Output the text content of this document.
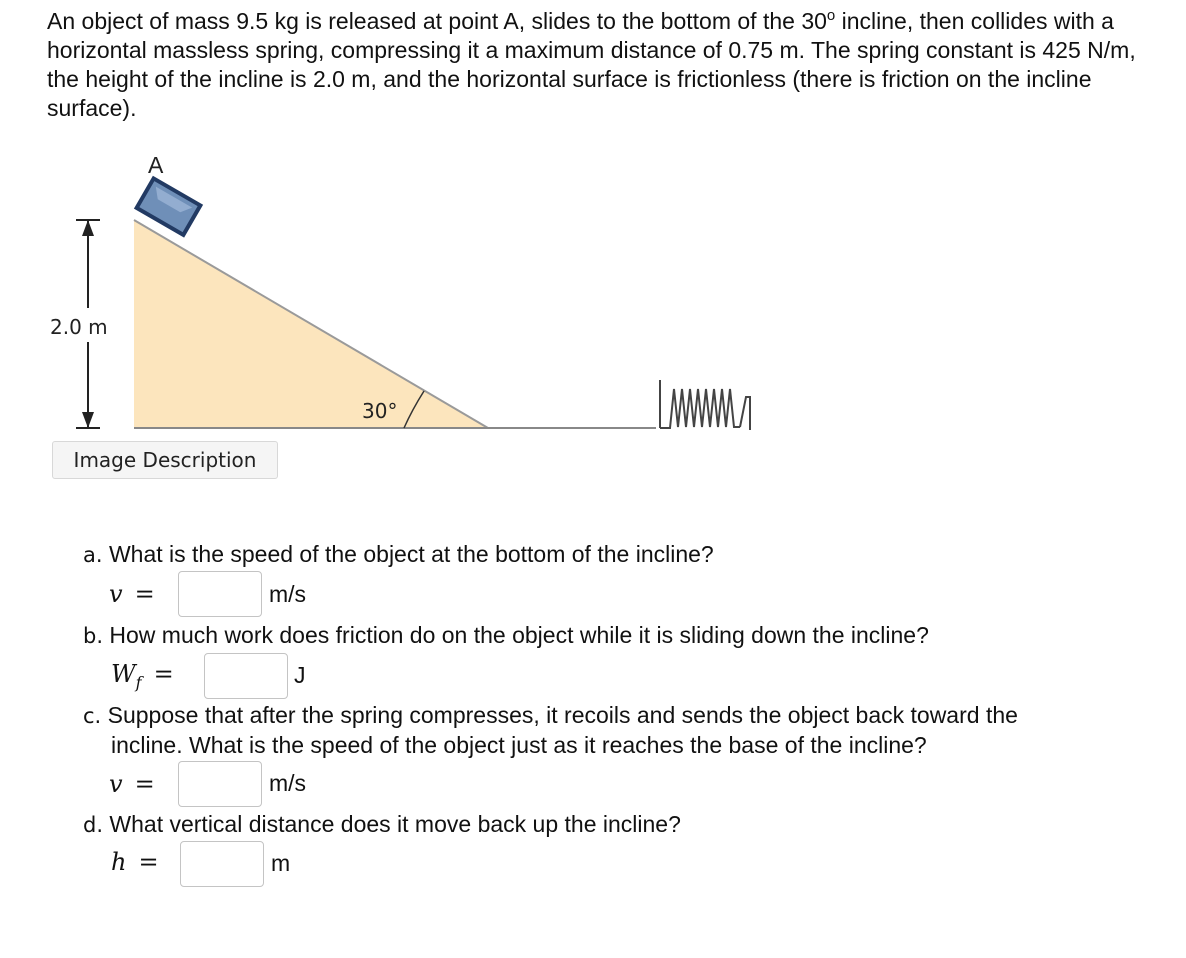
An object of mass 9.5 kg is released at point A, slides to the bottom of the 30$^o$ incline, then collides with a horizontal massless spring, compressing it a maximum distance of 0.75 m. The spring constant is 425 N/m, the height of the incline is 2.0 m, and the horizontal surface is frictionless (there is friction on the incline surface).

A
2.0 m
30°
Image Description
a. What is the speed of the object at the bottom of the incline?
v =	m/s
b. How much work does friction do on the object while it is sliding down the incline?
$W_f$ =	J
c. Suppose that after the spring compresses, it recoils and sends the object back toward the
incline. What is the speed of the object just as it reaches the base of the incline?
v =	m/s
d. What vertical distance does it move back up the incline?
h =	m
